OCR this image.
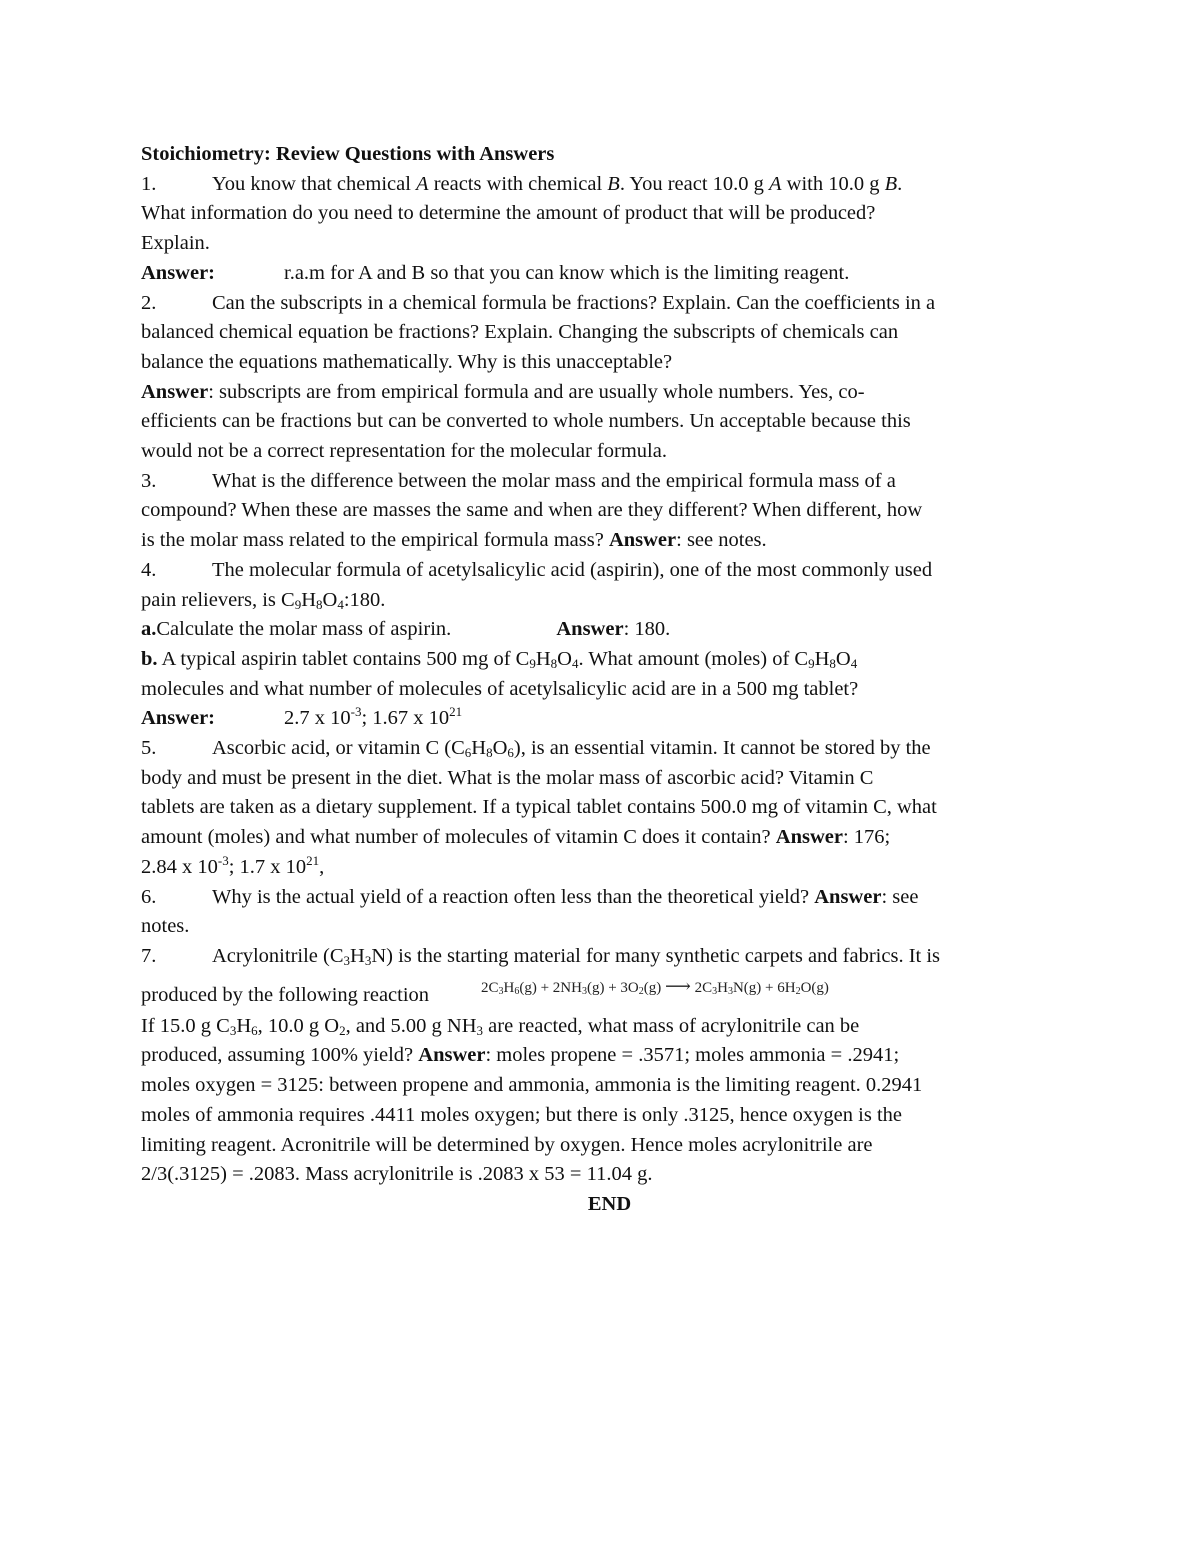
Stoichiometry: Review Questions with Answers
1.	You know that chemical A reacts with chemical B. You react 10.0 g A with 10.0 g B.
What information do you need to determine the amount of product that will be produced?
Explain.
Answer:	r.a.m for A and B so that you can know which is the limiting reagent.
2.	Can the subscripts in a chemical formula be fractions? Explain. Can the coefficients in a
balanced chemical equation be fractions? Explain. Changing the subscripts of chemicals can
balance the equations mathematically. Why is this unacceptable?
Answer: subscripts are from empirical formula and are usually whole numbers. Yes, co-
efficients can be fractions but can be converted to whole numbers. Un acceptable because this
would not be a correct representation for the molecular formula.
3.	What is the difference between the molar mass and the empirical formula mass of a
compound? When these are masses the same and when are they different? When different, how
is the molar mass related to the empirical formula mass? Answer: see notes.
4.	The molecular formula of acetylsalicylic acid (aspirin), one of the most commonly used
pain relievers, is $C_9H_8O_4:180$.
a.Calculate the molar mass of aspirin.	Answer: 180.
b. A typical aspirin tablet contains 500 mg of $C_9H_8O_4$. What amount (moles) of $C_9H_8O_4$
molecules and what number of molecules of acetylsalicylic acid are in a 500 mg tablet?
Answer:	2.7 x $10^{-3}$; 1.67 x $10^{21}$
5.	Ascorbic acid, or vitamin C $(C_6H_8O_6)$, is an essential vitamin. It cannot be stored by the
body and must be present in the diet. What is the molar mass of ascorbic acid? Vitamin C
tablets are taken as a dietary supplement. If a typical tablet contains 500.0 mg of vitamin C, what
amount (moles) and what number of molecules of vitamin C does it contain? Answer: 176;
2.84 x $10^{-3}$; 1.7 x $10^{21}$,
6.	Why is the actual yield of a reaction often less than the theoretical yield? Answer: see
notes.
7.	Acrylonitrile $(C_3H_3N)$ is the starting material for many synthetic carpets and fabrics. It is
produced by the following reaction	$2C_3H_6(g) + 2NH_3(g) + 3O_2(g)$ ⟶ $2C_3H_3N(g) + 6H_2O(g)$
If 15.0 g $C_3H_6$, 10.0 g $O_2$, and 5.00 g $NH_3$ are reacted, what mass of acrylonitrile can be
produced, assuming 100% yield? Answer: moles propene = .3571; moles ammonia = .2941;
moles oxygen = 3125: between propene and ammonia, ammonia is the limiting reagent. 0.2941
moles of ammonia requires .4411 moles oxygen; but there is only .3125, hence oxygen is the
limiting reagent. Acronitrile will be determined by oxygen. Hence moles acrylonitrile are
2/3(.3125) = .2083. Mass acrylonitrile is .2083 x 53 = 11.04 g.
END
